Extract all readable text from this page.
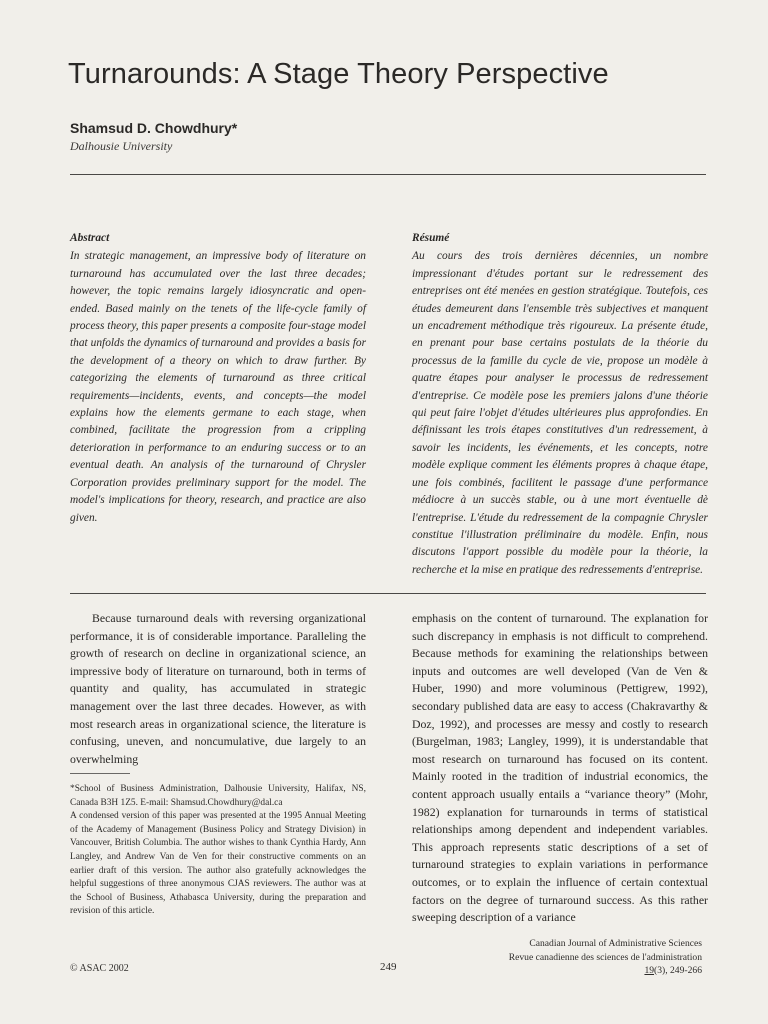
Turnarounds: A Stage Theory Perspective
Shamsud D. Chowdhury*
Dalhousie University
Abstract

In strategic management, an impressive body of literature on turnaround has accumulated over the last three decades; however, the topic remains largely idiosyncratic and open-ended. Based mainly on the tenets of the life-cycle family of process theory, this paper presents a composite four-stage model that unfolds the dynamics of turnaround and provides a basis for the development of a theory on which to draw further. By categorizing the elements of turnaround as three critical requirements—incidents, events, and concepts—the model explains how the elements germane to each stage, when combined, facilitate the progression from a crippling deterioration in performance to an enduring success or to an eventual death. An analysis of the turnaround of Chrysler Corporation provides preliminary support for the model. The model's implications for theory, research, and practice are also given.

Résumé

Au cours des trois dernières décennies, un nombre impressionant d'études portant sur le redressement des entreprises ont été menées en gestion stratégique. Toutefois, ces études demeurent dans l'ensemble très subjectives et manquent un encadrement méthodique très rigoureux. La présente étude, en prenant pour base certains postulats de la théorie du processus de la famille du cycle de vie, propose un modèle à quatre étapes pour analyser le processus de redressement d'entreprise. Ce modèle pose les premiers jalons d'une théorie qui peut faire l'objet d'études ultérieures plus approfondies. En définissant les trois étapes constitutives d'un redressement, à savoir les incidents, les événements, et les concepts, notre modèle explique comment les éléments propres à chaque étape, une fois combinés, facilitent le passage d'une performance médiocre à un succès stable, ou à une mort éventuelle dè l'entreprise. L'étude du redressement de la compagnie Chrysler constitue l'illustration préliminaire du modèle. Enfin, nous discutons l'apport possible du modèle pour la théorie, la recherche et la mise en pratique des redressements d'entreprise.

Because turnaround deals with reversing organizational performance, it is of considerable importance. Paralleling the growth of research on decline in organizational science, an impressive body of literature on turnaround, both in terms of quantity and quality, has accumulated in strategic management over the last three decades. However, as with most research areas in organizational science, the literature is confusing, uneven, and noncumulative, due largely to an overwhelming

emphasis on the content of turnaround. The explanation for such discrepancy in emphasis is not difficult to comprehend. Because methods for examining the relationships between inputs and outcomes are well developed (Van de Ven & Huber, 1990) and more voluminous (Pettigrew, 1992), secondary published data are easy to access (Chakravarthy & Doz, 1992), and processes are messy and costly to research (Burgelman, 1983; Langley, 1999), it is understandable that most research on turnaround has focused on its content. Mainly rooted in the tradition of industrial economics, the content approach usually entails a “variance theory” (Mohr, 1982) explanation for turnarounds in terms of statistical relationships among dependent and independent variables. This approach represents static descriptions of a set of turnaround strategies to explain variations in performance outcomes, or to explain the influence of certain contextual factors on the degree of turnaround success. As this rather sweeping description of a variance

*School of Business Administration, Dalhousie University, Halifax, NS, Canada B3H 1Z5. E-mail: Shamsud.Chowdhury@dal.ca

A condensed version of this paper was presented at the 1995 Annual Meeting of the Academy of Management (Business Policy and Strategy Division) in Vancouver, British Columbia. The author wishes to thank Cynthia Hardy, Ann Langley, and Andrew Van de Ven for their constructive comments on an earlier draft of this version. The author also gratefully acknowledges the helpful suggestions of three anonymous CJAS reviewers. The author was at the School of Business, Athabasca University, during the preparation and revision of this article.

Canadian Journal of Administrative Sciences
Revue canadienne des sciences de l'administration
19(3), 249-266
© ASAC 2002	249
